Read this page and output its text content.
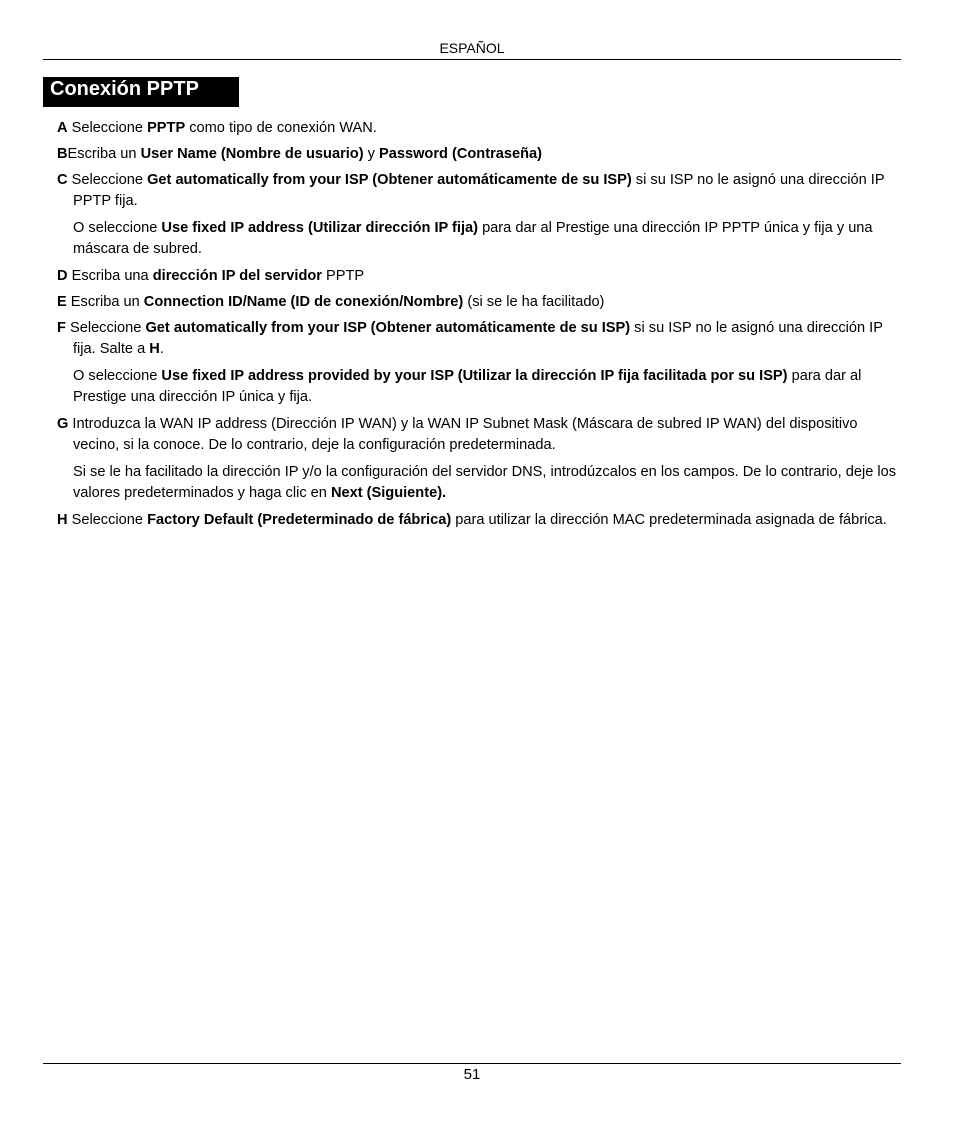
ESPAÑOL
Conexión PPTP
A Seleccione PPTP como tipo de conexión WAN.
BEscriba un User Name (Nombre de usuario) y Password (Contraseña)
C Seleccione Get automatically from your ISP (Obtener automáticamente de su ISP) si su ISP no le asignó una dirección IP PPTP fija.
O seleccione Use fixed IP address (Utilizar dirección IP fija) para dar al Prestige una dirección IP PPTP única y fija y una máscara de subred.
D Escriba una dirección IP del servidor PPTP
E Escriba un Connection ID/Name (ID de conexión/Nombre) (si se le ha facilitado)
F Seleccione Get automatically from your ISP (Obtener automáticamente de su ISP) si su ISP no le asignó una dirección IP fija. Salte a H.
O seleccione Use fixed IP address provided by your ISP (Utilizar la dirección IP fija facilitada por su ISP) para dar al Prestige una dirección IP única y fija.
G Introduzca la WAN IP address (Dirección IP WAN) y la WAN IP Subnet Mask (Máscara de subred IP WAN) del dispositivo vecino, si la conoce. De lo contrario, deje la configuración predeterminada.
Si se le ha facilitado la dirección IP y/o la configuración del servidor DNS, introdúzcalos en los campos. De lo contrario, deje los valores predeterminados y haga clic en Next (Siguiente).
H Seleccione Factory Default (Predeterminado de fábrica) para utilizar la dirección MAC predeterminada asignada de fábrica.
51
